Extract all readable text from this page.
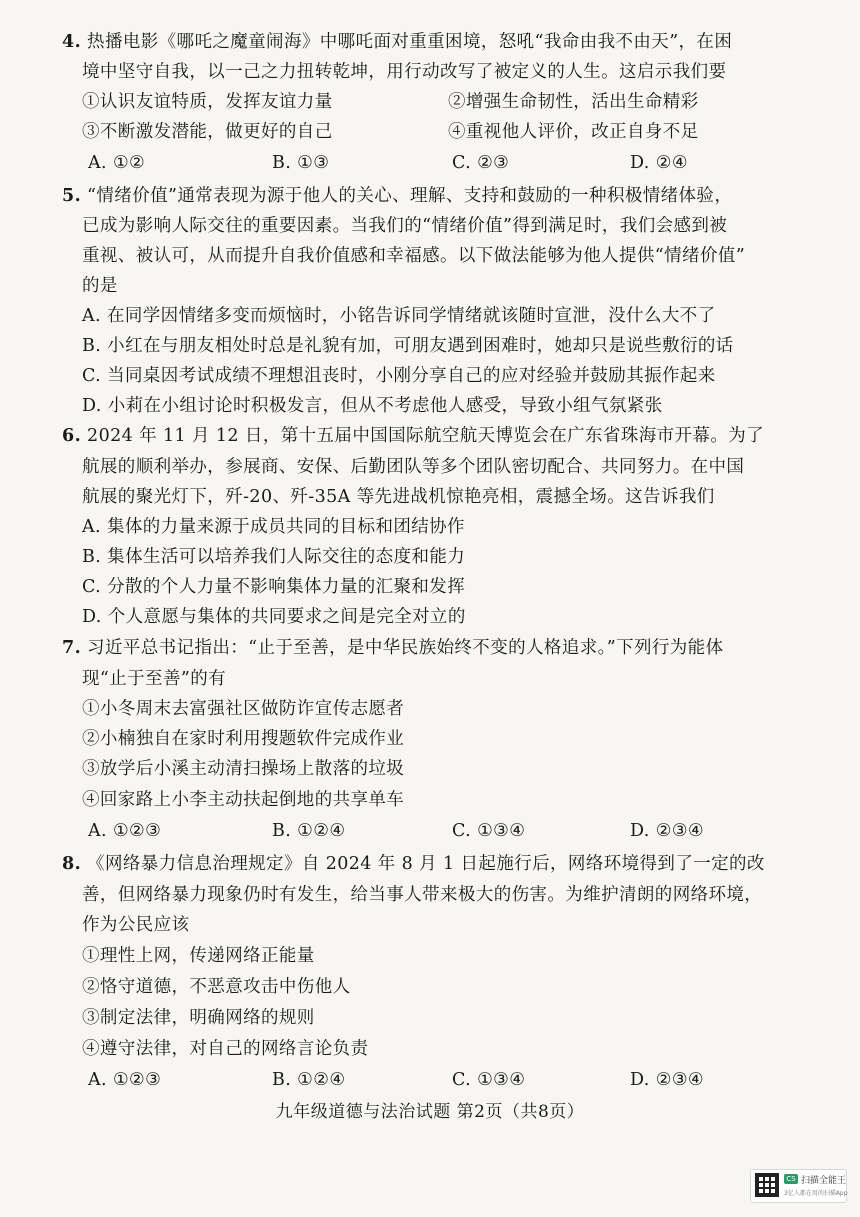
4. 热播电影《哪吒之魔童闹海》中哪吒面对重重困境，怒吼“我命由我不由天”，在困
境中坚守自我，以一己之力扭转乾坤，用行动改写了被定义的人生。这启示我们要
①认识友谊特质，发挥友谊力量	②增强生命韧性，活出生命精彩
③不断激发潜能，做更好的自己	④重视他人评价，改正自身不足
A. ①②	B. ①③	C. ②③	D. ②④
5. “情绪价值”通常表现为源于他人的关心、理解、支持和鼓励的一种积极情绪体验，
已成为影响人际交往的重要因素。当我们的“情绪价值”得到满足时，我们会感到被
重视、被认可，从而提升自我价值感和幸福感。以下做法能够为他人提供“情绪价值”
的是
A. 在同学因情绪多变而烦恼时，小铭告诉同学情绪就该随时宣泄，没什么大不了
B. 小红在与朋友相处时总是礼貌有加，可朋友遇到困难时，她却只是说些敷衍的话
C. 当同桌因考试成绩不理想沮丧时，小刚分享自己的应对经验并鼓励其振作起来
D. 小莉在小组讨论时积极发言，但从不考虑他人感受，导致小组气氛紧张
6. 2024 年 11 月 12 日，第十五届中国国际航空航天博览会在广东省珠海市开幕。为了
航展的顺利举办，参展商、安保、后勤团队等多个团队密切配合、共同努力。在中国
航展的聚光灯下，歼-20、歼-35A 等先进战机惊艳亮相，震撼全场。这告诉我们
A. 集体的力量来源于成员共同的目标和团结协作
B. 集体生活可以培养我们人际交往的态度和能力
C. 分散的个人力量不影响集体力量的汇聚和发挥
D. 个人意愿与集体的共同要求之间是完全对立的
7. 习近平总书记指出：“止于至善，是中华民族始终不变的人格追求。”下列行为能体
现“止于至善”的有
①小冬周末去富强社区做防诈宣传志愿者
②小楠独自在家时利用搜题软件完成作业
③放学后小溪主动清扫操场上散落的垃圾
④回家路上小李主动扶起倒地的共享单车
A. ①②③	B. ①②④	C. ①③④	D. ②③④
8. 《网络暴力信息治理规定》自 2024 年 8 月 1 日起施行后，网络环境得到了一定的改
善，但网络暴力现象仍时有发生，给当事人带来极大的伤害。为维护清朗的网络环境，
作为公民应该
①理性上网，传递网络正能量
②恪守道德，不恶意攻击中伤他人
③制定法律，明确网络的规则
④遵守法律，对自己的网络言论负责
A. ①②③	B. ①②④	C. ①③④	D. ②③④
九年级道德与法治试题 第2页（共8页）
CS 扫描全能王
3亿人都在用的扫描App
